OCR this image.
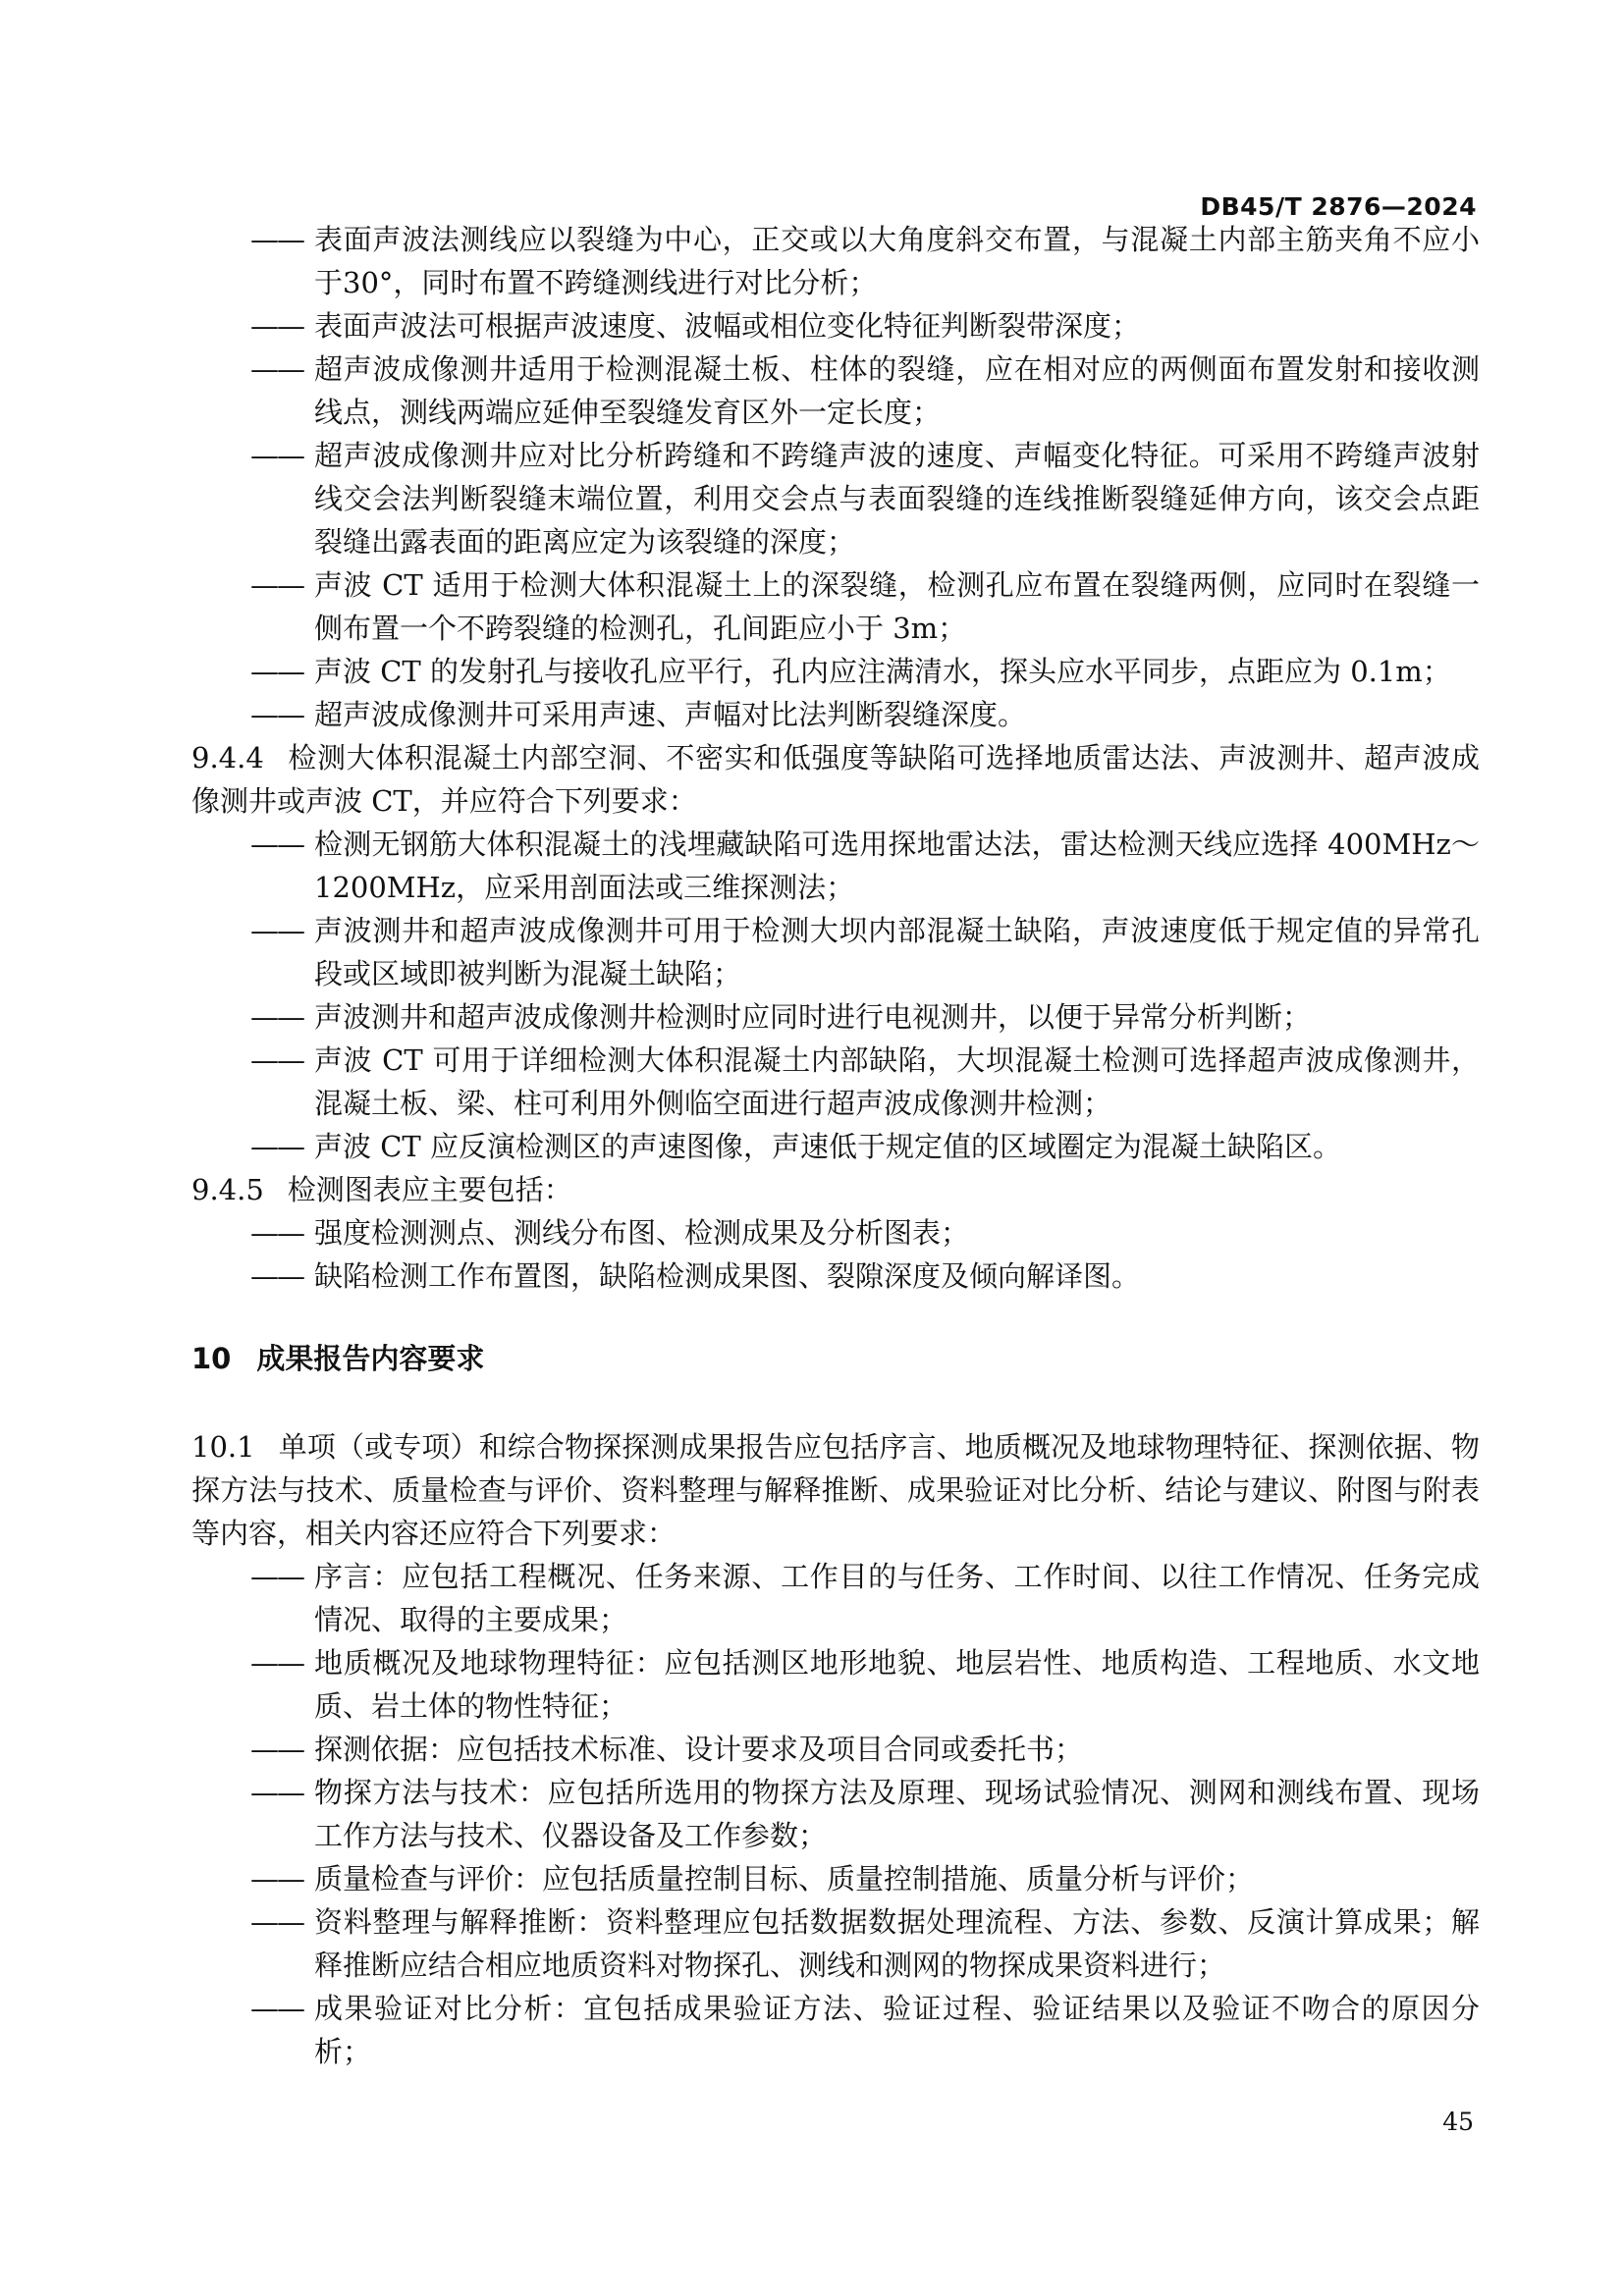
DB45/T 2876—2024

—— 表面声波法测线应以裂缝为中心，正交或以大角度斜交布置，与混凝土内部主筋夹角不应小于30°，同时布置不跨缝测线进行对比分析；

—— 表面声波法可根据声波速度、波幅或相位变化特征判断裂带深度；

—— 超声波成像测井适用于检测混凝土板、柱体的裂缝，应在相对应的两侧面布置发射和接收测线点，测线两端应延伸至裂缝发育区外一定长度；

—— 超声波成像测井应对比分析跨缝和不跨缝声波的速度、声幅变化特征。可采用不跨缝声波射线交会法判断裂缝末端位置，利用交会点与表面裂缝的连线推断裂缝延伸方向，该交会点距裂缝出露表面的距离应定为该裂缝的深度；

—— 声波 CT 适用于检测大体积混凝土上的深裂缝，检测孔应布置在裂缝两侧，应同时在裂缝一侧布置一个不跨裂缝的检测孔，孔间距应小于 3m；

—— 声波 CT 的发射孔与接收孔应平行，孔内应注满清水，探头应水平同步，点距应为 0.1m；

—— 超声波成像测井可采用声速、声幅对比法判断裂缝深度。

9.4.4 检测大体积混凝土内部空洞、不密实和低强度等缺陷可选择地质雷达法、声波测井、超声波成像测井或声波 CT，并应符合下列要求：

—— 检测无钢筋大体积混凝土的浅埋藏缺陷可选用探地雷达法，雷达检测天线应选择 400MHz～1200MHz，应采用剖面法或三维探测法；

—— 声波测井和超声波成像测井可用于检测大坝内部混凝土缺陷，声波速度低于规定值的异常孔段或区域即被判断为混凝土缺陷；

—— 声波测井和超声波成像测井检测时应同时进行电视测井，以便于异常分析判断；

—— 声波 CT 可用于详细检测大体积混凝土内部缺陷，大坝混凝土检测可选择超声波成像测井，混凝土板、梁、柱可利用外侧临空面进行超声波成像测井检测；

—— 声波 CT 应反演检测区的声速图像，声速低于规定值的区域圈定为混凝土缺陷区。

9.4.5 检测图表应主要包括：

—— 强度检测测点、测线分布图、检测成果及分析图表；

—— 缺陷检测工作布置图，缺陷检测成果图、裂隙深度及倾向解译图。

10 成果报告内容要求

10.1 单项（或专项）和综合物探探测成果报告应包括序言、地质概况及地球物理特征、探测依据、物探方法与技术、质量检查与评价、资料整理与解释推断、成果验证对比分析、结论与建议、附图与附表等内容，相关内容还应符合下列要求：

—— 序言：应包括工程概况、任务来源、工作目的与任务、工作时间、以往工作情况、任务完成情况、取得的主要成果；

—— 地质概况及地球物理特征：应包括测区地形地貌、地层岩性、地质构造、工程地质、水文地质、岩土体的物性特征；

—— 探测依据：应包括技术标准、设计要求及项目合同或委托书；

—— 物探方法与技术：应包括所选用的物探方法及原理、现场试验情况、测网和测线布置、现场工作方法与技术、仪器设备及工作参数；

—— 质量检查与评价：应包括质量控制目标、质量控制措施、质量分析与评价；

—— 资料整理与解释推断：资料整理应包括数据数据处理流程、方法、参数、反演计算成果；解释推断应结合相应地质资料对物探孔、测线和测网的物探成果资料进行；

—— 成果验证对比分析：宜包括成果验证方法、验证过程、验证结果以及验证不吻合的原因分析；

45
